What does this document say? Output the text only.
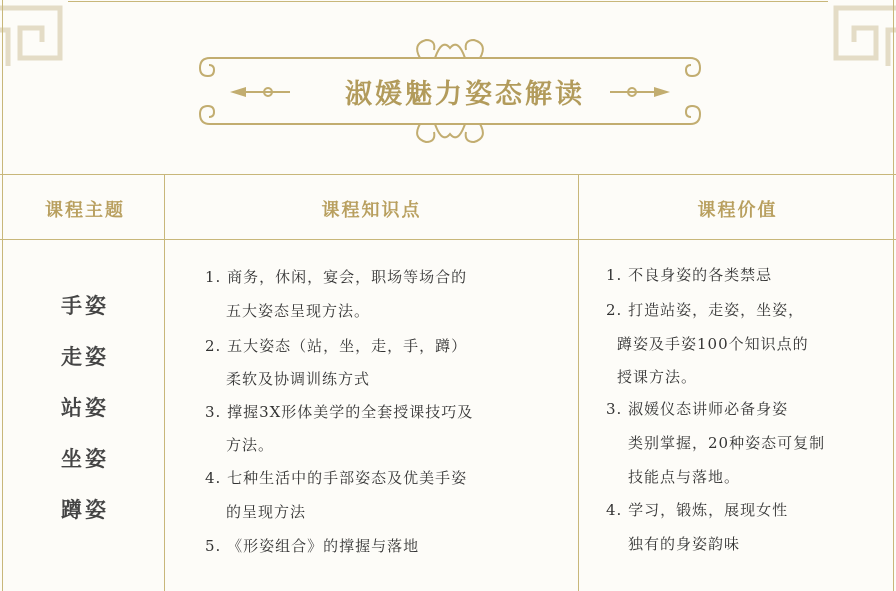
淑媛魅力姿态解读
课程主题	课程知识点	课程价值
手姿
走姿
站姿
坐姿
蹲姿
1. 商务，休闲，宴会，职场等场合的
五大姿态呈现方法。
2. 五大姿态（站，坐，走，手，蹲）
柔软及协调训练方式
3. 撑握3X形体美学的全套授课技巧及
方法。
4. 七种生活中的手部姿态及优美手姿
的呈现方法
5. 《形姿组合》的撑握与落地
1. 不良身姿的各类禁忌
2. 打造站姿，走姿，坐姿，
蹲姿及手姿100个知识点的
授课方法。
3. 淑媛仪态讲师必备身姿
类别掌握，20种姿态可复制
技能点与落地。
4. 学习，锻炼，展现女性
独有的身姿韵味
